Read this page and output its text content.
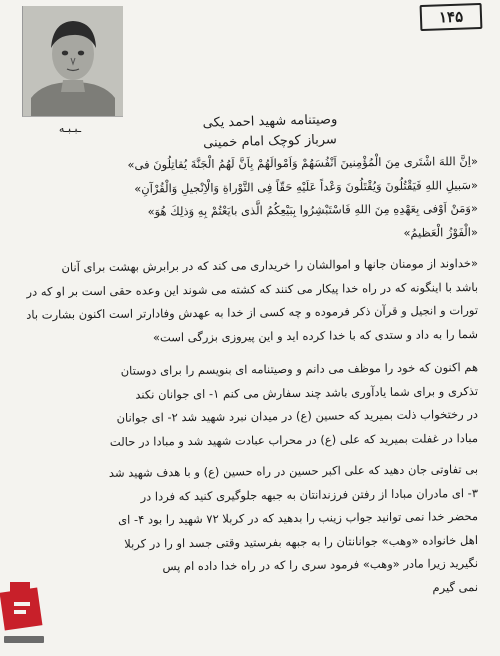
ـبـبـه
۱۴۵
وصیتنامه شهید احمد یکی
سرباز کوچک امام خمینی
«اِنَّ اللهَ اشْتَرى مِنَ الْمُؤْمِنينَ اَنْفُسَهُمْ وَاَمْوالَهُمْ بِاَنَّ لَهُمُ الْجَنَّةَ يُقاتِلُونَ فى»
«سَبيلِ اللهِ فَيَقْتُلُونَ وَيُقْتَلُونَ وَعْداً عَلَيْهِ حَقّاً فِى التَّوْراةِ وَالْاِنْجيلِ وَالْقُرْآنِ»
«وَمَنْ اَوْفى بِعَهْدِهِ مِنَ اللهِ فَاسْتَبْشِرُوا بِبَيْعِكُمُ الَّذى بايَعْتُمْ بِهِ وَذلِكَ هُوَ»
«الْفَوْزُ الْعَظيمُ»
«خداوند از مومنان جانها و اموالشان را خریداری می کند که در برابرش بهشت برای آنان
باشد با اینگونه که در راه خدا پیکار می کنند که کشته می شوند این وعده حقی است بر او که در
تورات و انجیل و قرآن ذکر فرموده و چه کسی از خدا به عهدش وفادارتر است اکنون بشارت باد
شما را به داد و ستدی که با خدا کرده اید و این پیروزی بزرگی است»
هم اکنون که خود را موظف می دانم و وصیتنامه ای بنویسم را برای دوستان
تذکری و برای شما یادآوری باشد چند سفارش می کنم ۱- ای جوانان نکند
در رختخواب ذلت بمیرید که حسین (ع) در میدان نبرد شهید شد ۲- ای جوانان
مبادا در غفلت بمیرید که علی (ع) در محراب عبادت شهید شد و مبادا در حالت
بی تفاوتی جان دهید که علی اکبر حسین در راه حسین (ع) و با هدف شهید شد
۳- ای مادران مبادا از رفتن فرزندانتان به جبهه جلوگیری کنید که فردا در
محضر خدا نمی توانید جواب زینب را بدهید که در کربلا ۷۲ شهید را بود ۴- ای
اهل خانواده «وهب» جوانانتان را به جبهه بفرستید وقتی جسد او را در کربلا
نگیرید زیرا مادر «وهب» فرمود سری را که در راه خدا داده ام پس
نمی گیرم
